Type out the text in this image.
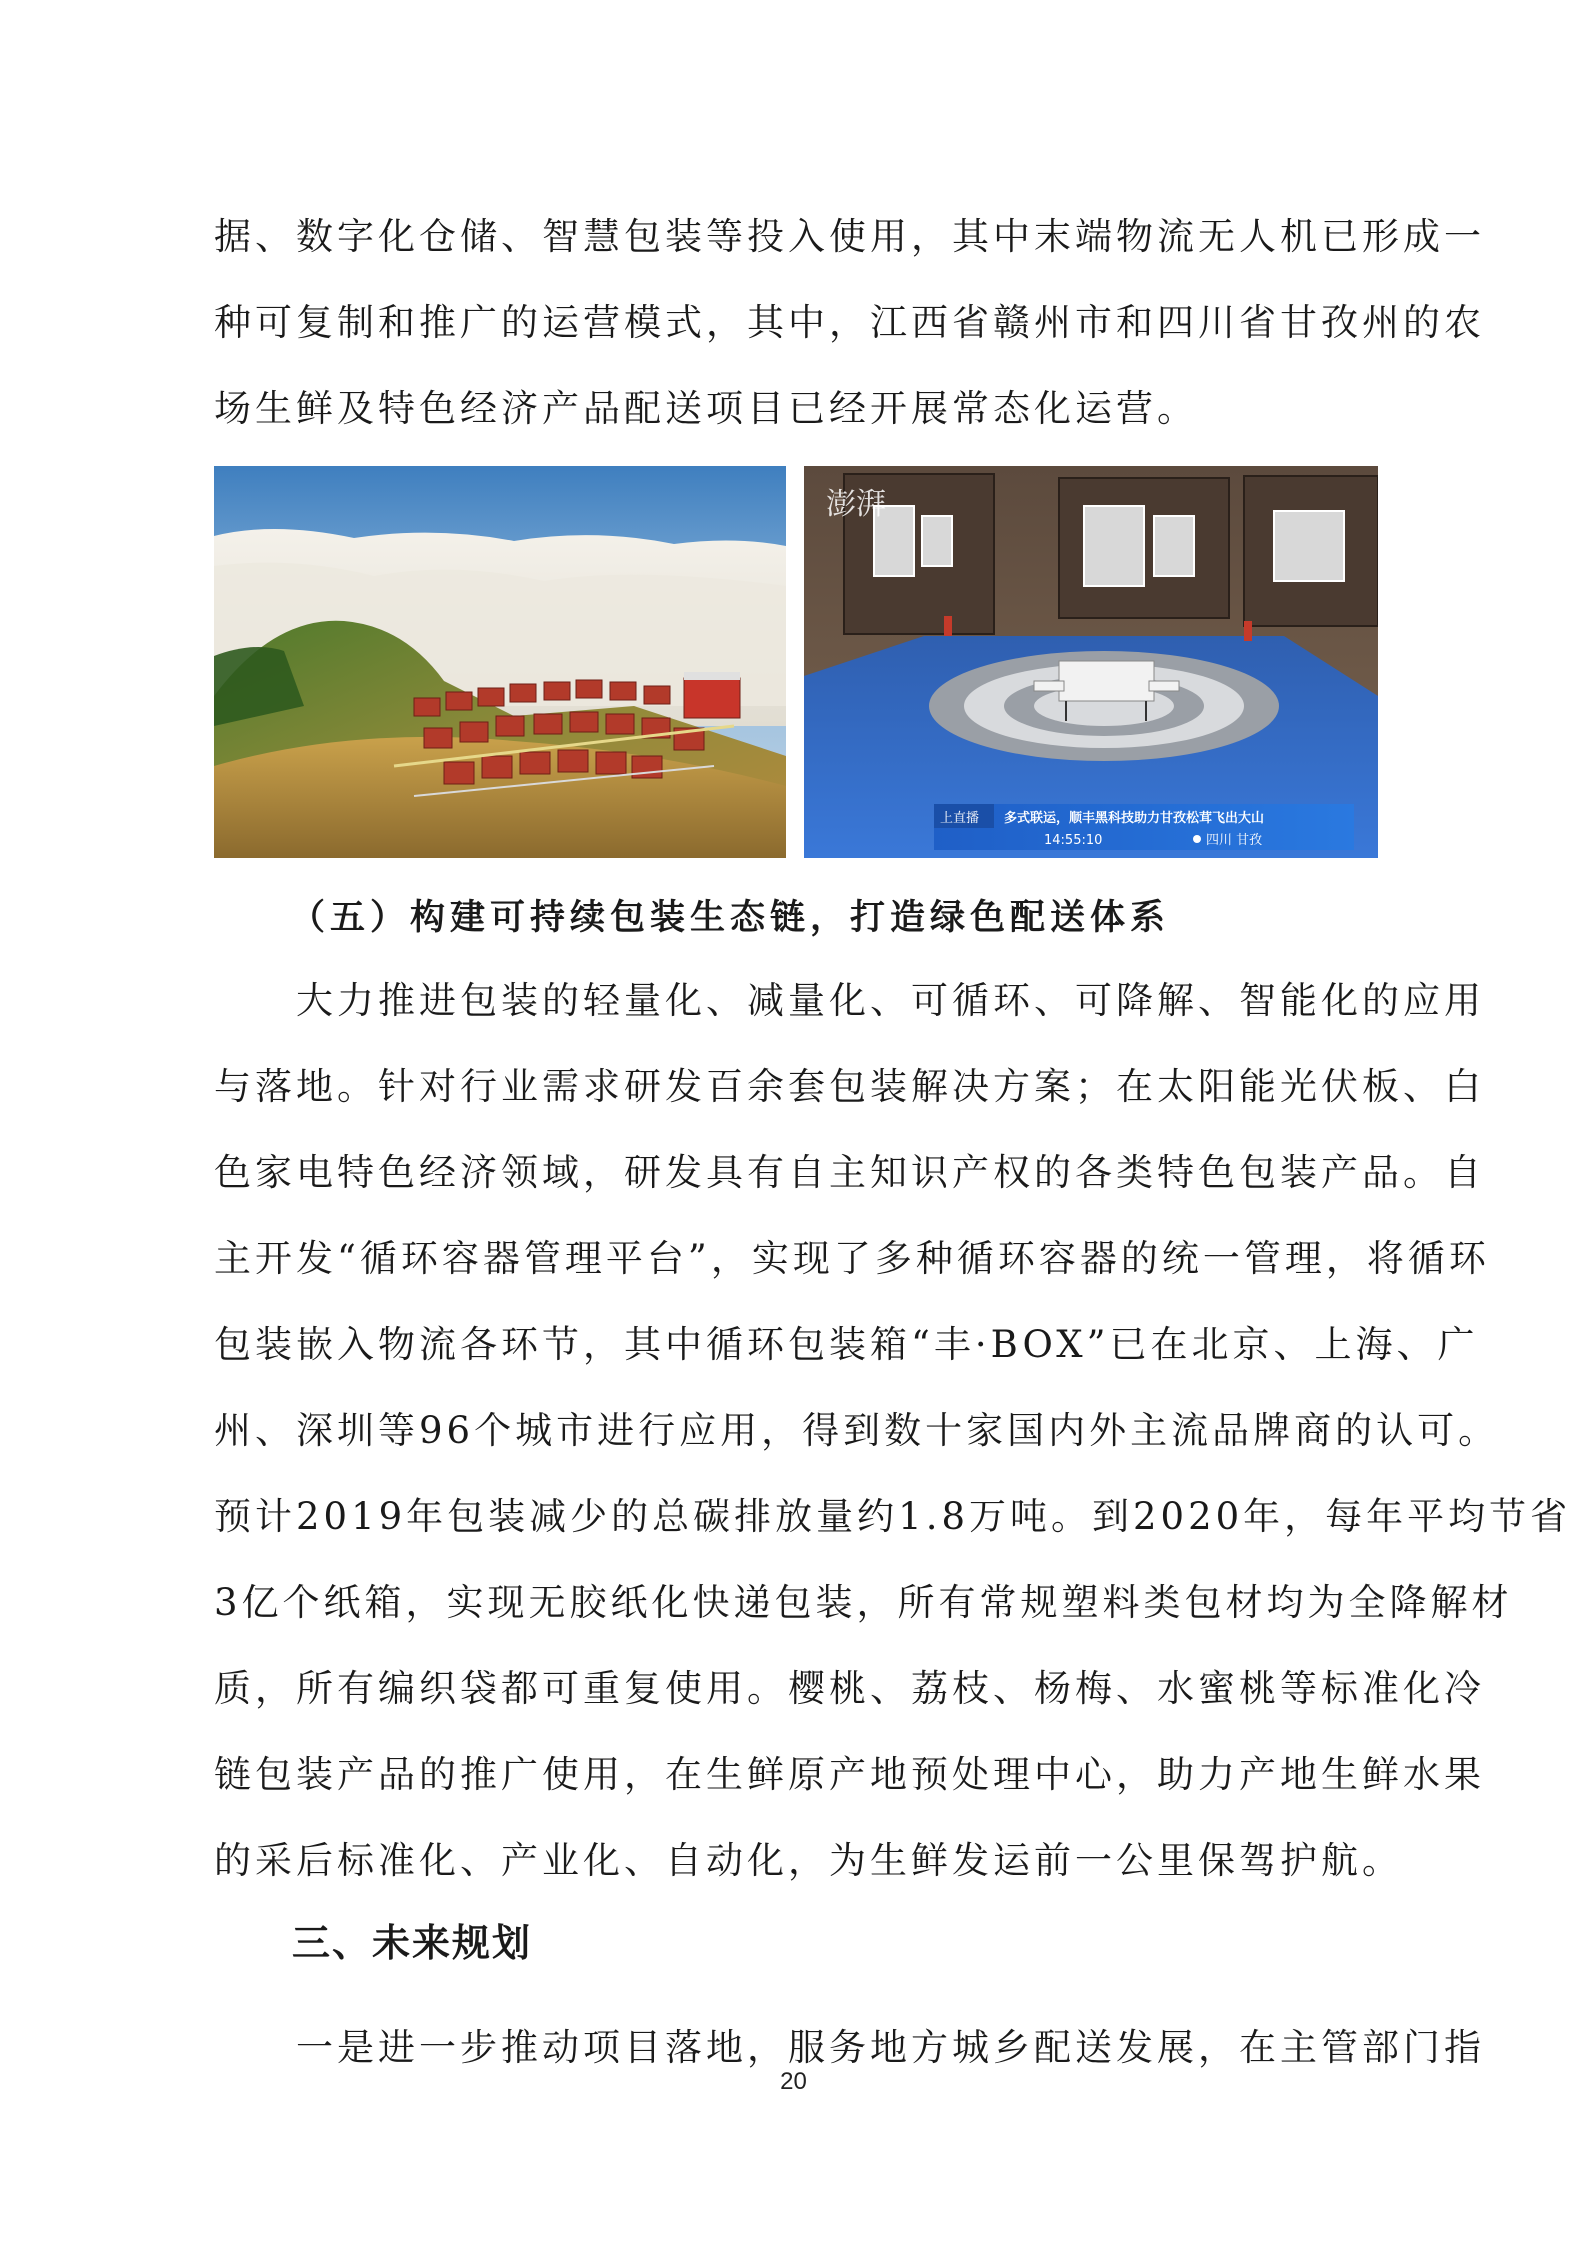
据、数字化仓储、智慧包装等投入使用，其中末端物流无人机已形成一
种可复制和推广的运营模式，其中，江西省赣州市和四川省甘孜州的农
场生鲜及特色经济产品配送项目已经开展常态化运营。
澎湃
上直播 多式联运，顺丰黑科技助力甘孜松茸飞出大山
14:55:10	四川 甘孜
（五）构建可持续包装生态链，打造绿色配送体系
　　大力推进包装的轻量化、减量化、可循环、可降解、智能化的应用
与落地。针对行业需求研发百余套包装解决方案；在太阳能光伏板、白
色家电特色经济领域，研发具有自主知识产权的各类特色包装产品。自
主开发“循环容器管理平台”，实现了多种循环容器的统一管理，将循环
包装嵌入物流各环节，其中循环包装箱“丰·BOX”已在北京、上海、广
州、深圳等96个城市进行应用，得到数十家国内外主流品牌商的认可。
预计2019年包装减少的总碳排放量约1.8万吨。到2020年，每年平均节省
3亿个纸箱，实现无胶纸化快递包装，所有常规塑料类包材均为全降解材
质，所有编织袋都可重复使用。樱桃、荔枝、杨梅、水蜜桃等标准化冷
链包装产品的推广使用，在生鲜原产地预处理中心，助力产地生鲜水果
的采后标准化、产业化、自动化，为生鲜发运前一公里保驾护航。
三、未来规划
　　一是进一步推动项目落地，服务地方城乡配送发展，在主管部门指
20
